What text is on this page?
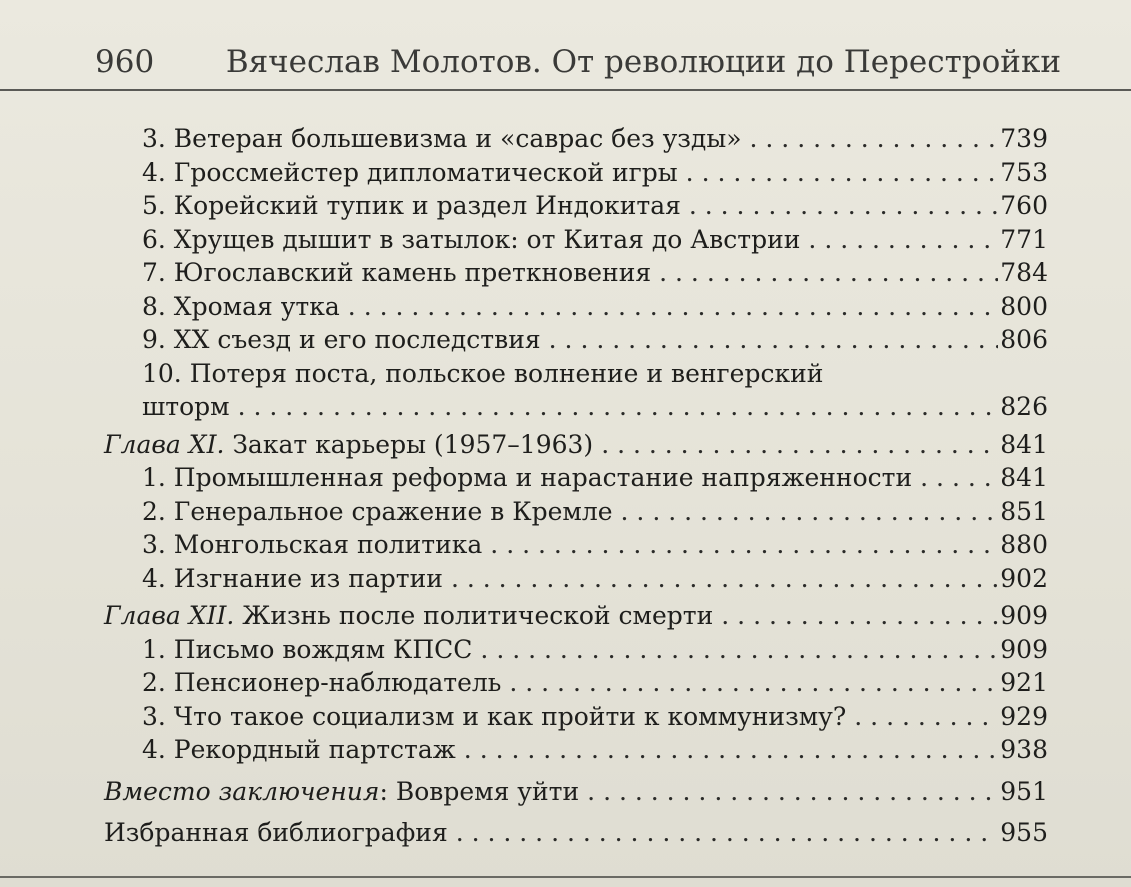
960 Вячеслав Молотов. От революции до Перестройки
3. Ветеран большевизма и «саврас без узды» . . .	739
4. Гроссмейстер дипломатической игры . . .	753
5. Корейский тупик и раздел Индокитая . . .	760
6. Хрущев дышит в затылок: от Китая до Австрии . . .	771
7. Югославский камень преткновения . . .	784
8. Хромая утка . . .	800
9. XX съезд и его последствия . . .	806
10. Потеря поста, польское волнение и венгерский
шторм . . .	826
Глава XI. Закат карьеры (1957–1963) . . .	841
1. Промышленная реформа и нарастание напряженности . . .	841
2. Генеральное сражение в Кремле . . .	851
3. Монгольская политика . . .	880
4. Изгнание из партии . . .	902
Глава XII. Жизнь после политической смерти . . .	909
1. Письмо вождям КПСС . . .	909
2. Пенсионер-наблюдатель . . .	921
3. Что такое социализм и как пройти к коммунизму? . . .	929
4. Рекордный партстаж . . .	938
Вместо заключения: Вовремя уйти . . .	951
Избранная библиография . . .	955
